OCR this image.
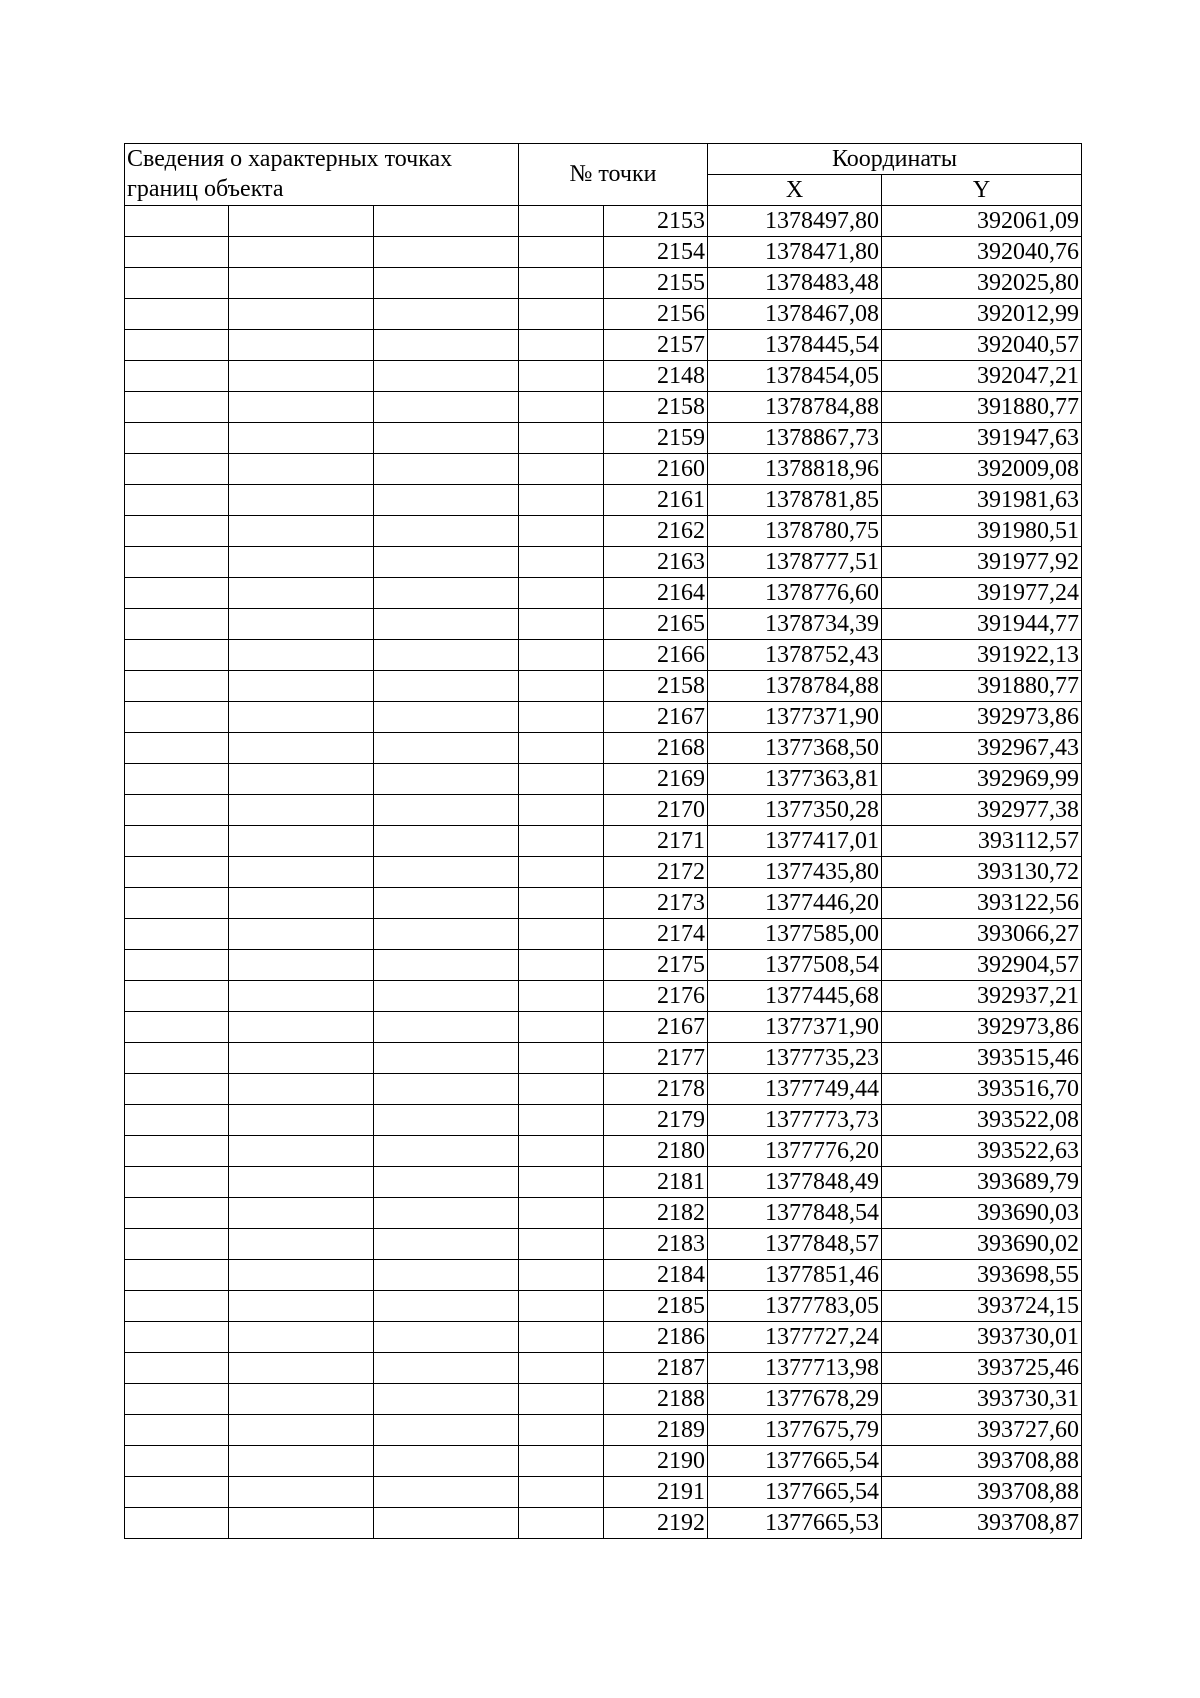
Сведения о характерных точках границ объекта			№ точки		Координаты	
					X	Y
				2153	1378497,80	392061,09
				2154	1378471,80	392040,76
				2155	1378483,48	392025,80
				2156	1378467,08	392012,99
				2157	1378445,54	392040,57
				2148	1378454,05	392047,21
				2158	1378784,88	391880,77
				2159	1378867,73	391947,63
				2160	1378818,96	392009,08
				2161	1378781,85	391981,63
				2162	1378780,75	391980,51
				2163	1378777,51	391977,92
				2164	1378776,60	391977,24
				2165	1378734,39	391944,77
				2166	1378752,43	391922,13
				2158	1378784,88	391880,77
				2167	1377371,90	392973,86
				2168	1377368,50	392967,43
				2169	1377363,81	392969,99
				2170	1377350,28	392977,38
				2171	1377417,01	393112,57
				2172	1377435,80	393130,72
				2173	1377446,20	393122,56
				2174	1377585,00	393066,27
				2175	1377508,54	392904,57
				2176	1377445,68	392937,21
				2167	1377371,90	392973,86
				2177	1377735,23	393515,46
				2178	1377749,44	393516,70
				2179	1377773,73	393522,08
				2180	1377776,20	393522,63
				2181	1377848,49	393689,79
				2182	1377848,54	393690,03
				2183	1377848,57	393690,02
				2184	1377851,46	393698,55
				2185	1377783,05	393724,15
				2186	1377727,24	393730,01
				2187	1377713,98	393725,46
				2188	1377678,29	393730,31
				2189	1377675,79	393727,60
				2190	1377665,54	393708,88
				2191	1377665,54	393708,88
				2192	1377665,53	393708,87
